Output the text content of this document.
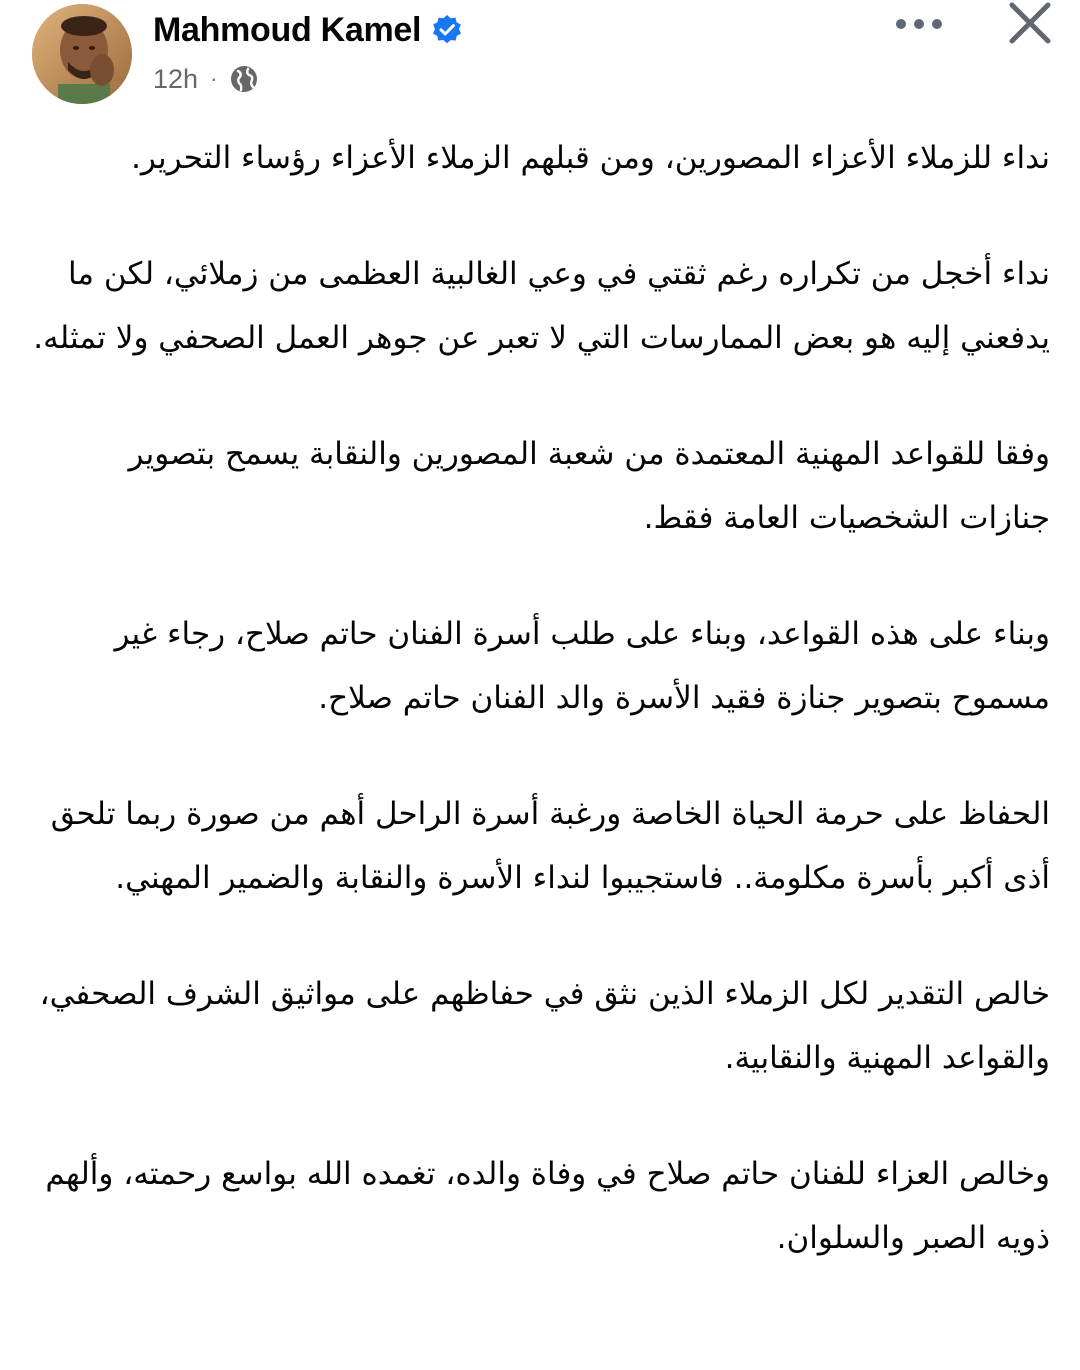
Mahmoud Kamel
12h ·

نداء للزملاء الأعزاء المصورين، ومن قبلهم الزملاء الأعزاء رؤساء التحرير.

نداء أخجل من تكراره رغم ثقتي في وعي الغالبية العظمى من زملائي، لكن ما يدفعني إليه هو بعض الممارسات التي لا تعبر عن جوهر العمل الصحفي ولا تمثله.

وفقا للقواعد المهنية المعتمدة من شعبة المصورين والنقابة يسمح بتصوير جنازات الشخصيات العامة فقط.

وبناء على هذه القواعد، وبناء على طلب أسرة الفنان حاتم صلاح، رجاء غير مسموح بتصوير جنازة فقيد الأسرة والد الفنان حاتم صلاح.

الحفاظ على حرمة الحياة الخاصة ورغبة أسرة الراحل أهم من صورة ربما تلحق أذى أكبر بأسرة مكلومة.. فاستجيبوا لنداء الأسرة والنقابة والضمير المهني.

خالص التقدير لكل الزملاء الذين نثق في حفاظهم على مواثيق الشرف الصحفي، والقواعد المهنية والنقابية.

وخالص العزاء للفنان حاتم صلاح في وفاة والده، تغمده الله بواسع رحمته، وألهم ذويه الصبر والسلوان.
